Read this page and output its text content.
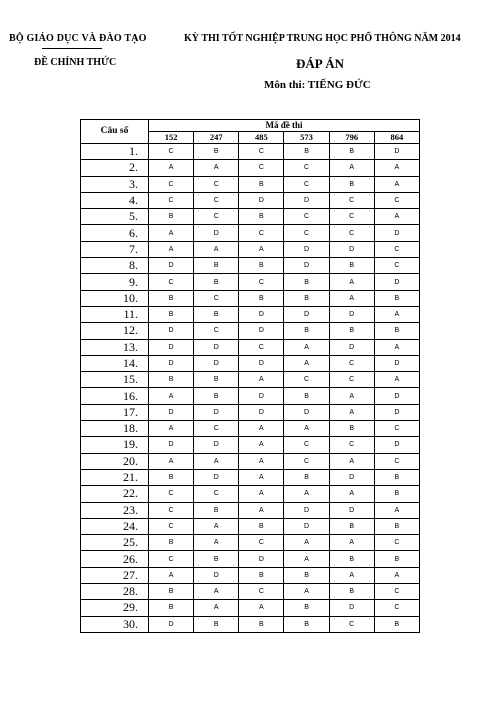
BỘ GIÁO DỤC VÀ ĐÀO TẠO
ĐỀ CHÍNH THỨC
KỲ THI TỐT NGHIỆP TRUNG HỌC PHỔ THÔNG NĂM 2014
ĐÁP ÁN
Môn thi: TIẾNG ĐỨC
Câu số	Mã đề thi					
	152	247	485	573	796	864
1.	C	B	C	B	B	D
2.	A	A	C	C	A	A
3.	C	C	B	C	B	A
4.	C	C	D	D	C	C
5.	B	C	B	C	C	A
6.	A	D	C	C	C	D
7.	A	A	A	D	D	C
8.	D	B	B	D	B	C
9.	C	B	C	B	A	D
10.	B	C	B	B	A	B
11.	B	B	D	D	D	A
12.	D	C	D	B	B	B
13.	D	D	C	A	D	A
14.	D	D	D	A	C	D
15.	B	B	A	C	C	A
16.	A	B	D	B	A	D
17.	D	D	D	D	A	D
18.	A	C	A	A	B	C
19.	D	D	A	C	C	D
20.	A	A	A	C	A	C
21.	B	D	A	B	D	B
22.	C	C	A	A	A	B
23.	C	B	A	D	D	A
24.	C	A	B	D	B	B
25.	B	A	C	A	A	C
26.	C	B	D	A	B	B
27.	A	D	B	B	A	A
28.	B	A	C	A	B	C
29.	B	A	A	B	D	C
30.	D	B	B	B	C	B
